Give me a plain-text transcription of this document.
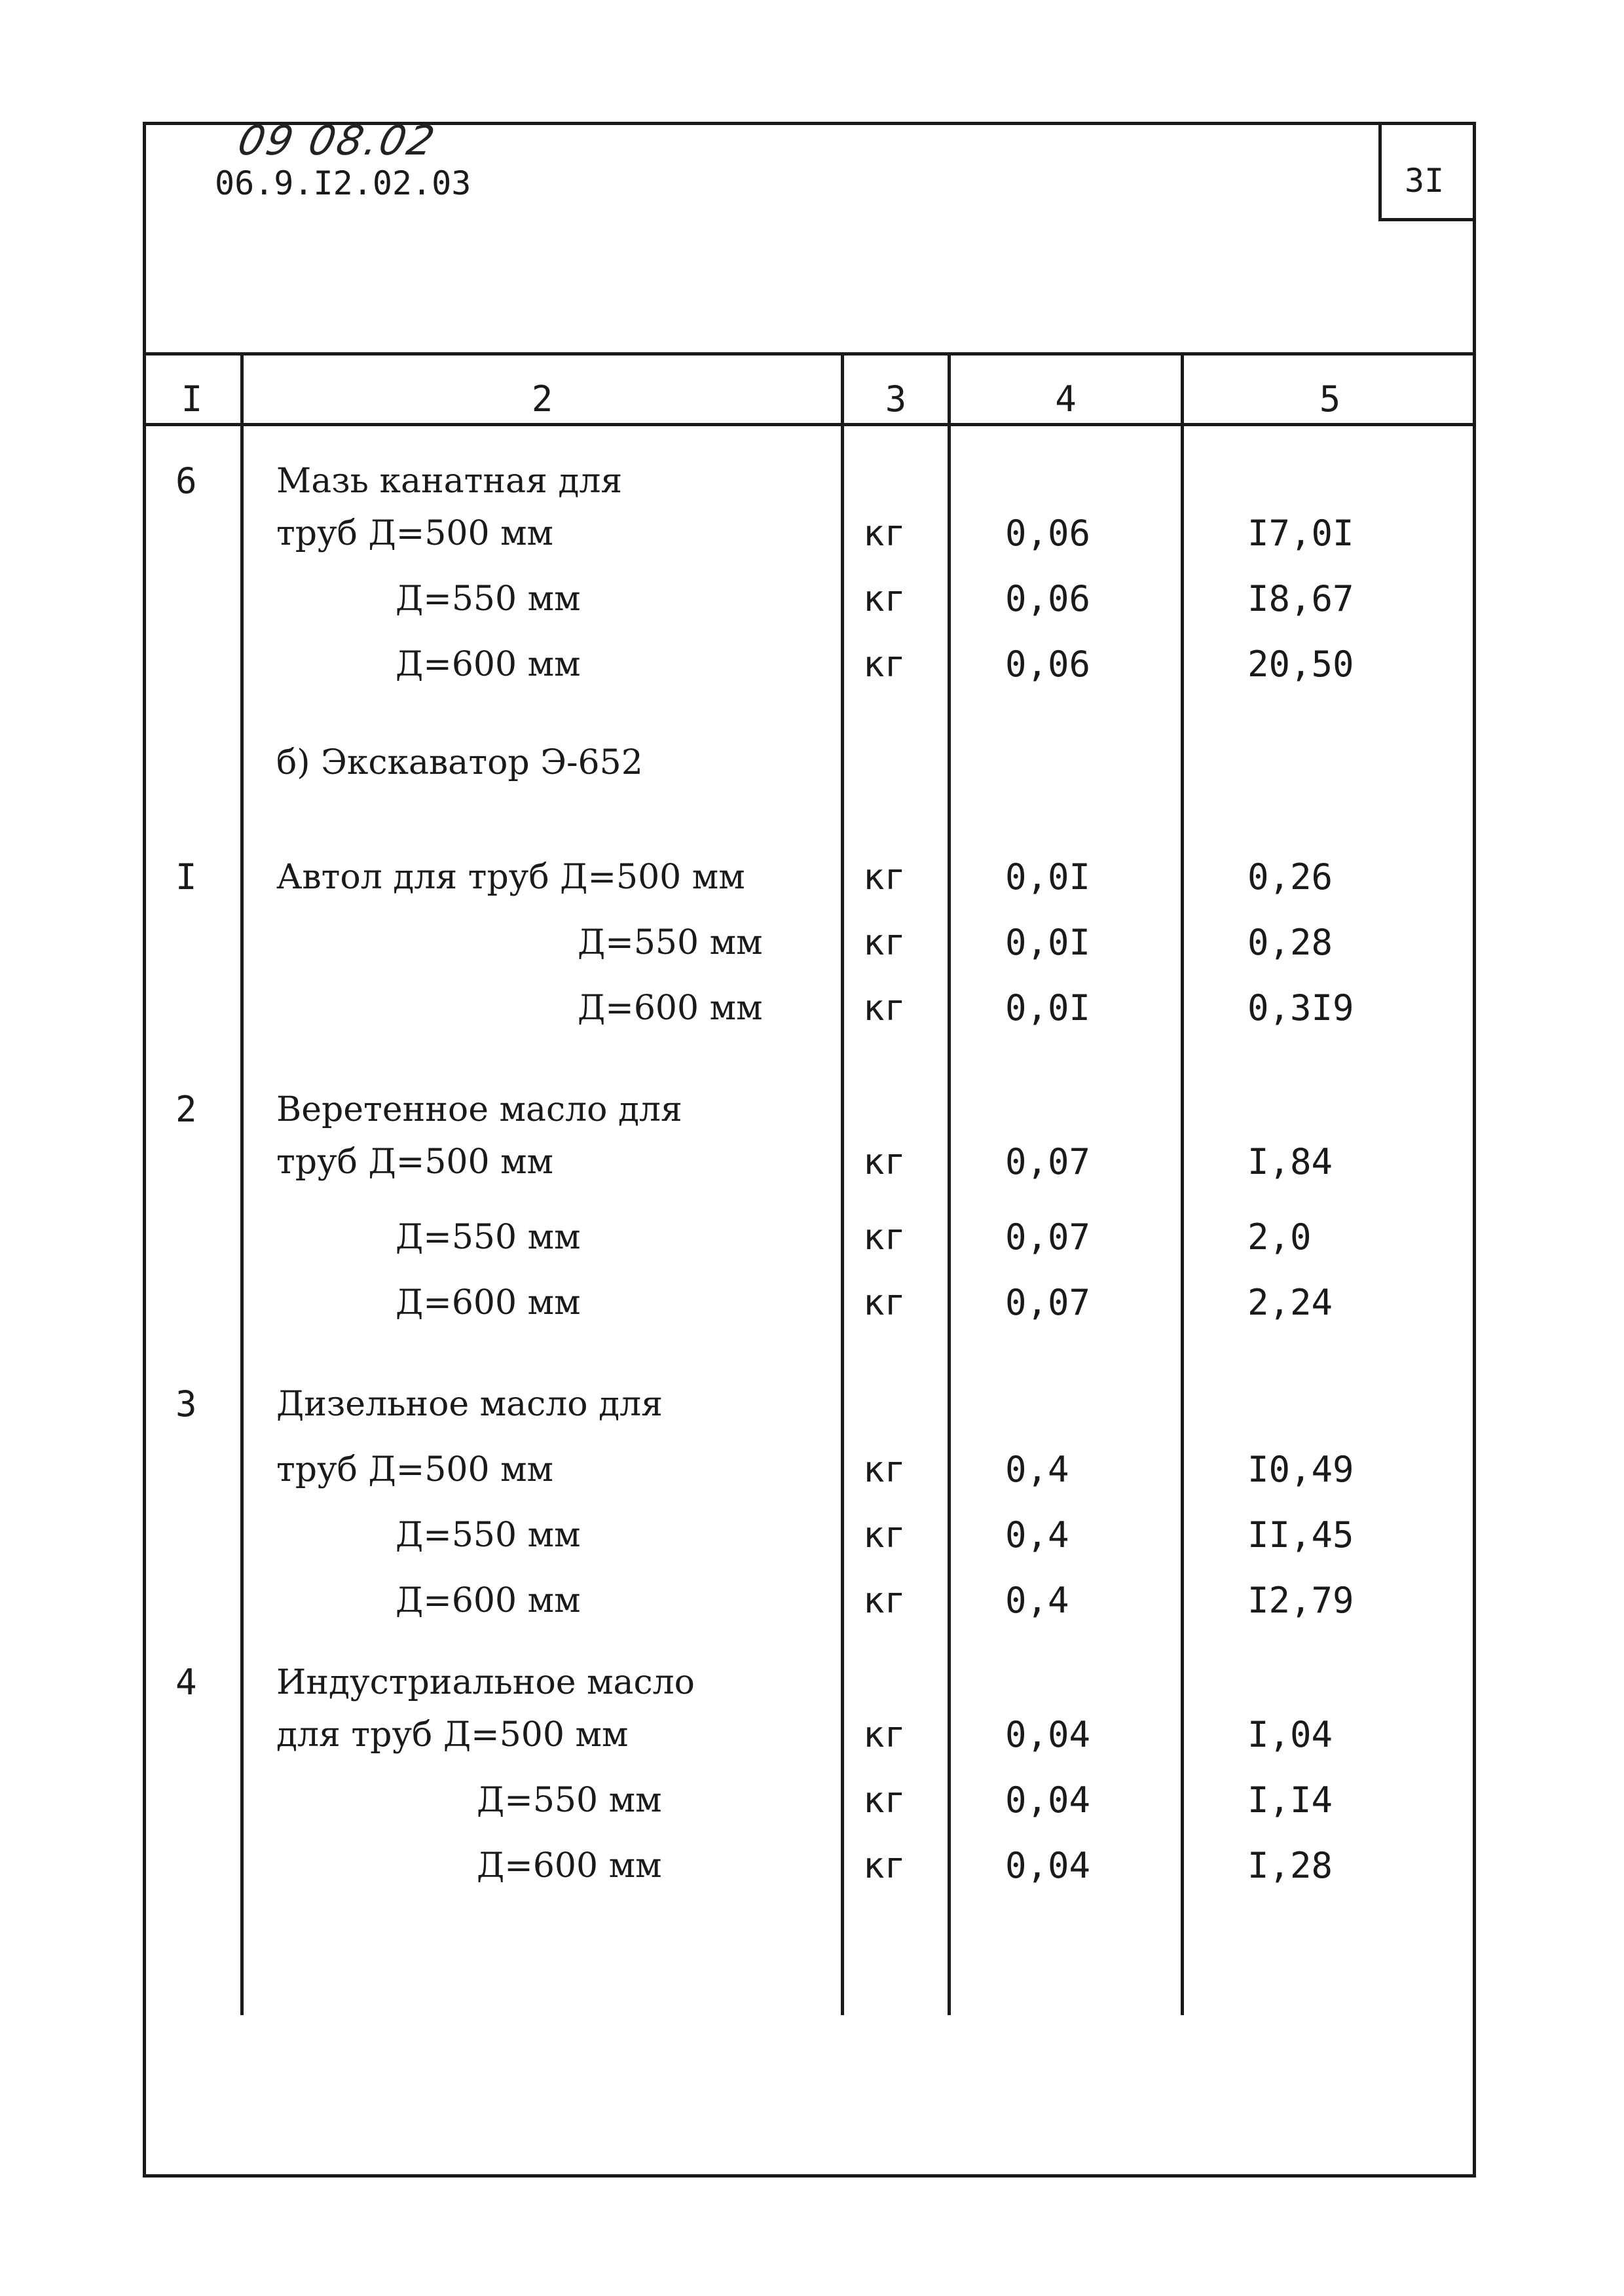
09 08.02
06.9.I2.02.03	3I
I	2	3	4	5
6 Мазь канатная для
труб Д=500 мм	кг	0,06	I7,0I
Д=550 мм	кг	0,06	I8,67
Д=600 мм	кг	0,06	20,50
б) Экскаватор Э-652
I Автол для труб Д=500 мм	кг	0,0I	0,26
Д=550 мм	кг	0,0I	0,28
Д=600 мм	кг	0,0I	0,3I9
2 Веретенное масло для
труб Д=500 мм	кг	0,07	I,84
Д=550 мм	кг	0,07	2,0
Д=600 мм	кг	0,07	2,24
3 Дизельное масло для
труб Д=500 мм	кг	0,4	I0,49
Д=550 мм	кг	0,4	II,45
Д=600 мм	кг	0,4	I2,79
4 Индустриальное масло
для труб Д=500 мм	кг	0,04	I,04
Д=550 мм	кг	0,04	I,I4
Д=600 мм	кг	0,04	I,28
